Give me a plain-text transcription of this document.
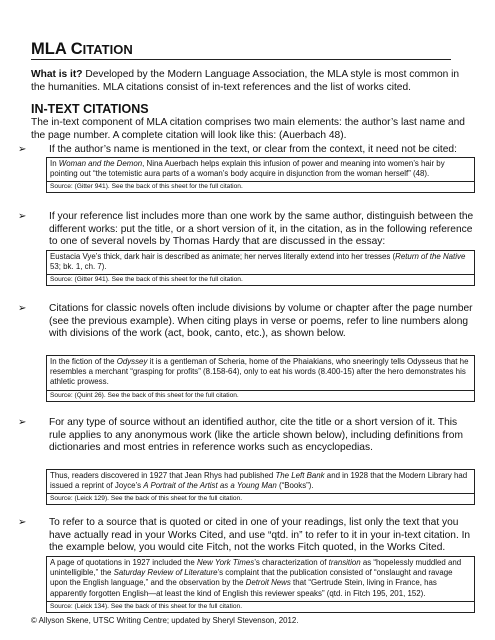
MLA CITATION
What is it? Developed by the Modern Language Association, the MLA style is most common in the humanities. MLA citations consist of in-text references and the list of works cited.
IN-TEXT CITATIONS
The in-text component of MLA citation comprises two main elements: the author’s last name and the page number. A complete citation will look like this: (Auerbach 48).
➢	If the author’s name is mentioned in the text, or clear from the context, it need not be cited:
In Woman and the Demon, Nina Auerbach helps explain this infusion of power and meaning into women’s hair by pointing out “the totemistic aura parts of a woman’s body acquire in disjunction from the woman herself” (48).
Source: (Gitter 941). See the back of this sheet for the full citation.
➢	If your reference list includes more than one work by the same author, distinguish between the different works: put the title, or a short version of it, in the citation, as in the following reference to one of several novels by Thomas Hardy that are discussed in the essay:
Eustacia Vye’s thick, dark hair is described as animate; her nerves literally extend into her tresses (Return of the Native 53; bk. 1, ch. 7).
Source: (Gitter 941). See the back of this sheet for the full citation.
➢	Citations for classic novels often include divisions by volume or chapter after the page number (see the previous example). When citing plays in verse or poems, refer to line numbers along with divisions of the work (act, book, canto, etc.), as shown below.
In the fiction of the Odyssey it is a gentleman of Scheria, home of the Phaiakians, who sneeringly tells Odysseus that he resembles a merchant “grasping for profits” (8.158-64), only to eat his words (8.400-15) after the hero demonstrates his athletic prowess.
Source: (Quint 26). See the back of this sheet for the full citation.
➢	For any type of source without an identified author, cite the title or a short version of it. This rule applies to any anonymous work (like the article shown below), including definitions from dictionaries and most entries in reference works such as encyclopedias.
Thus, readers discovered in 1927 that Jean Rhys had published The Left Bank and in 1928 that the Modern Library had issued a reprint of Joyce’s A Portrait of the Artist as a Young Man (“Books”).
Source: (Leick 129). See the back of this sheet for the full citation.
➢	To refer to a source that is quoted or cited in one of your readings, list only the text that you have actually read in your Works Cited, and use “qtd. in” to refer to it in your in-text citation. In the example below, you would cite Fitch, not the works Fitch quoted, in the Works Cited.
A page of quotations in 1927 included the New York Times’s characterization of transition as “hopelessly muddled and unintelligible,” the Saturday Review of Literature’s complaint that the publication consisted of “onslaught and ravage upon the English language,” and the observation by the Detroit News that “Gertrude Stein, living in France, has apparently forgotten English—at least the kind of English this reviewer speaks” (qtd. in Fitch 195, 201, 152).
Source: (Leick 134). See the back of this sheet for the full citation.
© Allyson Skene, UTSC Writing Centre; updated by Sheryl Stevenson, 2012.
